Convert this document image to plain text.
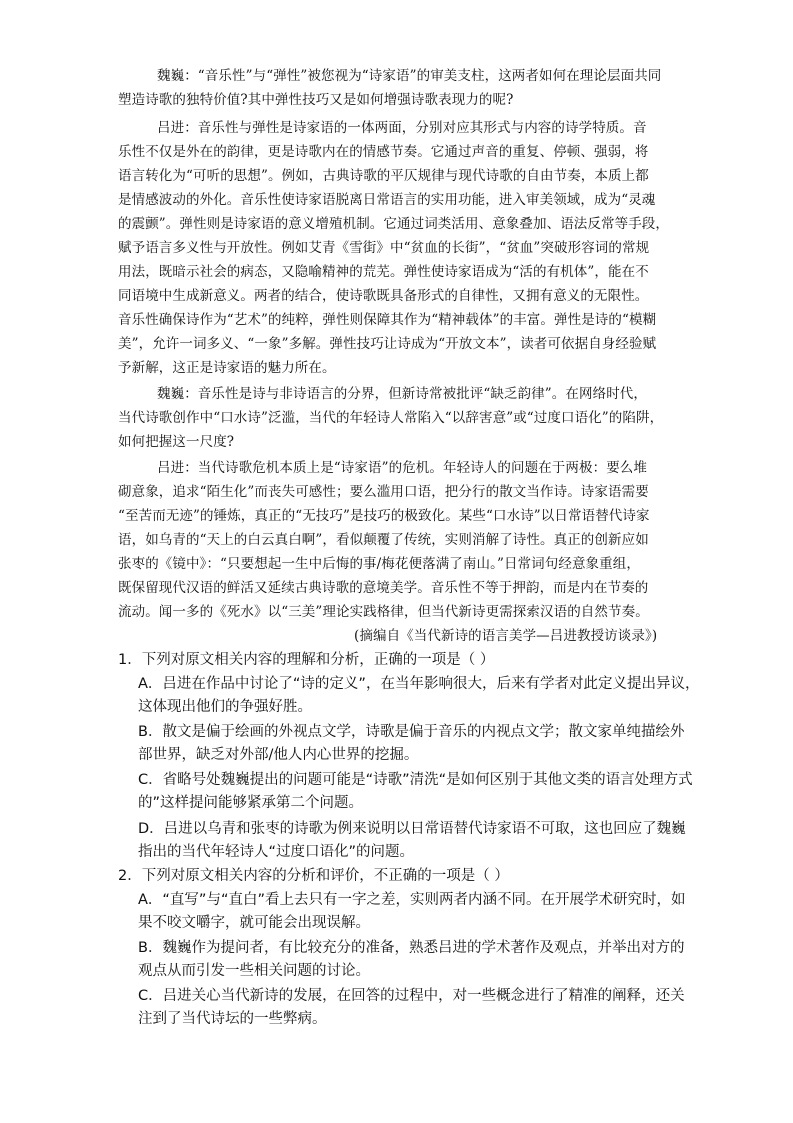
魏巍：“音乐性”与“弹性”被您视为“诗家语”的审美支柱，这两者如何在理论层面共同
塑造诗歌的独特价值?其中弹性技巧又是如何增强诗歌表现力的呢?
吕进：音乐性与弹性是诗家语的一体两面，分别对应其形式与内容的诗学特质。音
乐性不仅是外在的韵律，更是诗歌内在的情感节奏。它通过声音的重复、停顿、强弱，将
语言转化为“可听的思想”。例如，古典诗歌的平仄规律与现代诗歌的自由节奏，本质上都
是情感波动的外化。音乐性使诗家语脱离日常语言的实用功能，进入审美领域，成为“灵魂
的震颤”。弹性则是诗家语的意义增殖机制。它通过词类活用、意象叠加、语法反常等手段，
赋予语言多义性与开放性。例如艾青《雪街》中“贫血的长街”，“贫血”突破形容词的常规
用法，既暗示社会的病态，又隐喻精神的荒芜。弹性使诗家语成为“活的有机体”，能在不
同语境中生成新意义。两者的结合，使诗歌既具备形式的自律性，又拥有意义的无限性。
音乐性确保诗作为“艺术”的纯粹，弹性则保障其作为“精神载体”的丰富。弹性是诗的“模糊
美”，允许一词多义、“一象”多解。弹性技巧让诗成为“开放文本”，读者可依据自身经验赋
予新解，这正是诗家语的魅力所在。
魏巍：音乐性是诗与非诗语言的分界，但新诗常被批评“缺乏韵律”。在网络时代，
当代诗歌创作中“口水诗”泛滥，当代的年轻诗人常陷入“以辞害意”或“过度口语化”的陷阱，
如何把握这一尺度?
吕进：当代诗歌危机本质上是“诗家语”的危机。年轻诗人的问题在于两极：要么堆
砌意象，追求“陌生化”而丧失可感性；要么滥用口语，把分行的散文当作诗。诗家语需要
“至苦而无迹”的锤炼，真正的“无技巧”是技巧的极致化。某些“口水诗”以日常语替代诗家
语，如乌青的“天上的白云真白啊”，看似颠覆了传统，实则消解了诗性。真正的创新应如
张枣的《镜中》：“只要想起一生中后悔的事/梅花便落满了南山。”日常词句经意象重组，
既保留现代汉语的鲜活又延续古典诗歌的意境美学。音乐性不等于押韵，而是内在节奏的
流动。闻一多的《死水》以“三美”理论实践格律，但当代新诗更需探索汉语的自然节奏。
(摘编自《当代新诗的语言美学—吕进教授访谈录》)
1．下列对原文相关内容的理解和分析，正确的一项是（ ）
A．吕进在作品中讨论了“诗的定义”，在当年影响很大，后来有学者对此定义提出异议，
这体现出他们的争强好胜。
B．散文是偏于绘画的外视点文学，诗歌是偏于音乐的内视点文学；散文家单纯描绘外
部世界，缺乏对外部/他人内心世界的挖掘。
C．省略号处魏巍提出的问题可能是“诗歌”清洗“是如何区别于其他文类的语言处理方式
的”这样提问能够紧承第二个问题。
D．吕进以乌青和张枣的诗歌为例来说明以日常语替代诗家语不可取，这也回应了魏巍
指出的当代年轻诗人“过度口语化”的问题。
2．下列对原文相关内容的分析和评价，不正确的一项是（ ）
A．“直写”与“直白”看上去只有一字之差，实则两者内涵不同。在开展学术研究时，如
果不咬文嚼字，就可能会出现误解。
B．魏巍作为提问者，有比较充分的准备，熟悉吕进的学术著作及观点，并举出对方的
观点从而引发一些相关问题的讨论。
C．吕进关心当代新诗的发展，在回答的过程中，对一些概念进行了精准的阐释，还关
注到了当代诗坛的一些弊病。
